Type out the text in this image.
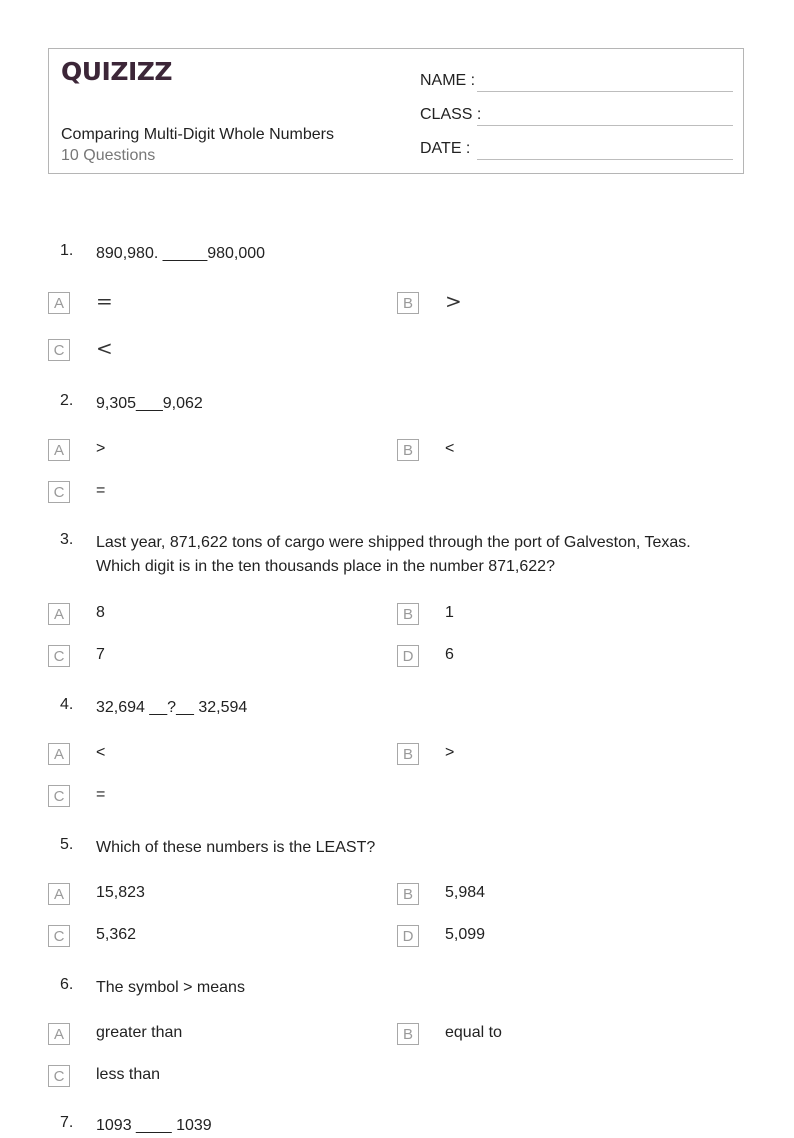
QUIZIZZ
Comparing Multi-Digit Whole Numbers
10 Questions
NAME :
CLASS :
DATE :
1. 890,980. _____980,000
A	=	B	>
C <
2. 9,305___9,062
A	>	B	<
C	=
3. Last year, 871,622 tons of cargo were shipped through the port of Galveston, Texas. Which digit is in the ten thousands place in the number 871,622?
A	8	B	1
C	7	D	6
4. 32,694 __?__ 32,594
A	<	B	>
C	=
5. Which of these numbers is the LEAST?
A	15,823	B	5,984
C	5,362	D	5,099
6. The symbol > means
A	greater than	B	equal to
C	less than
7. 1093 ____ 1039
